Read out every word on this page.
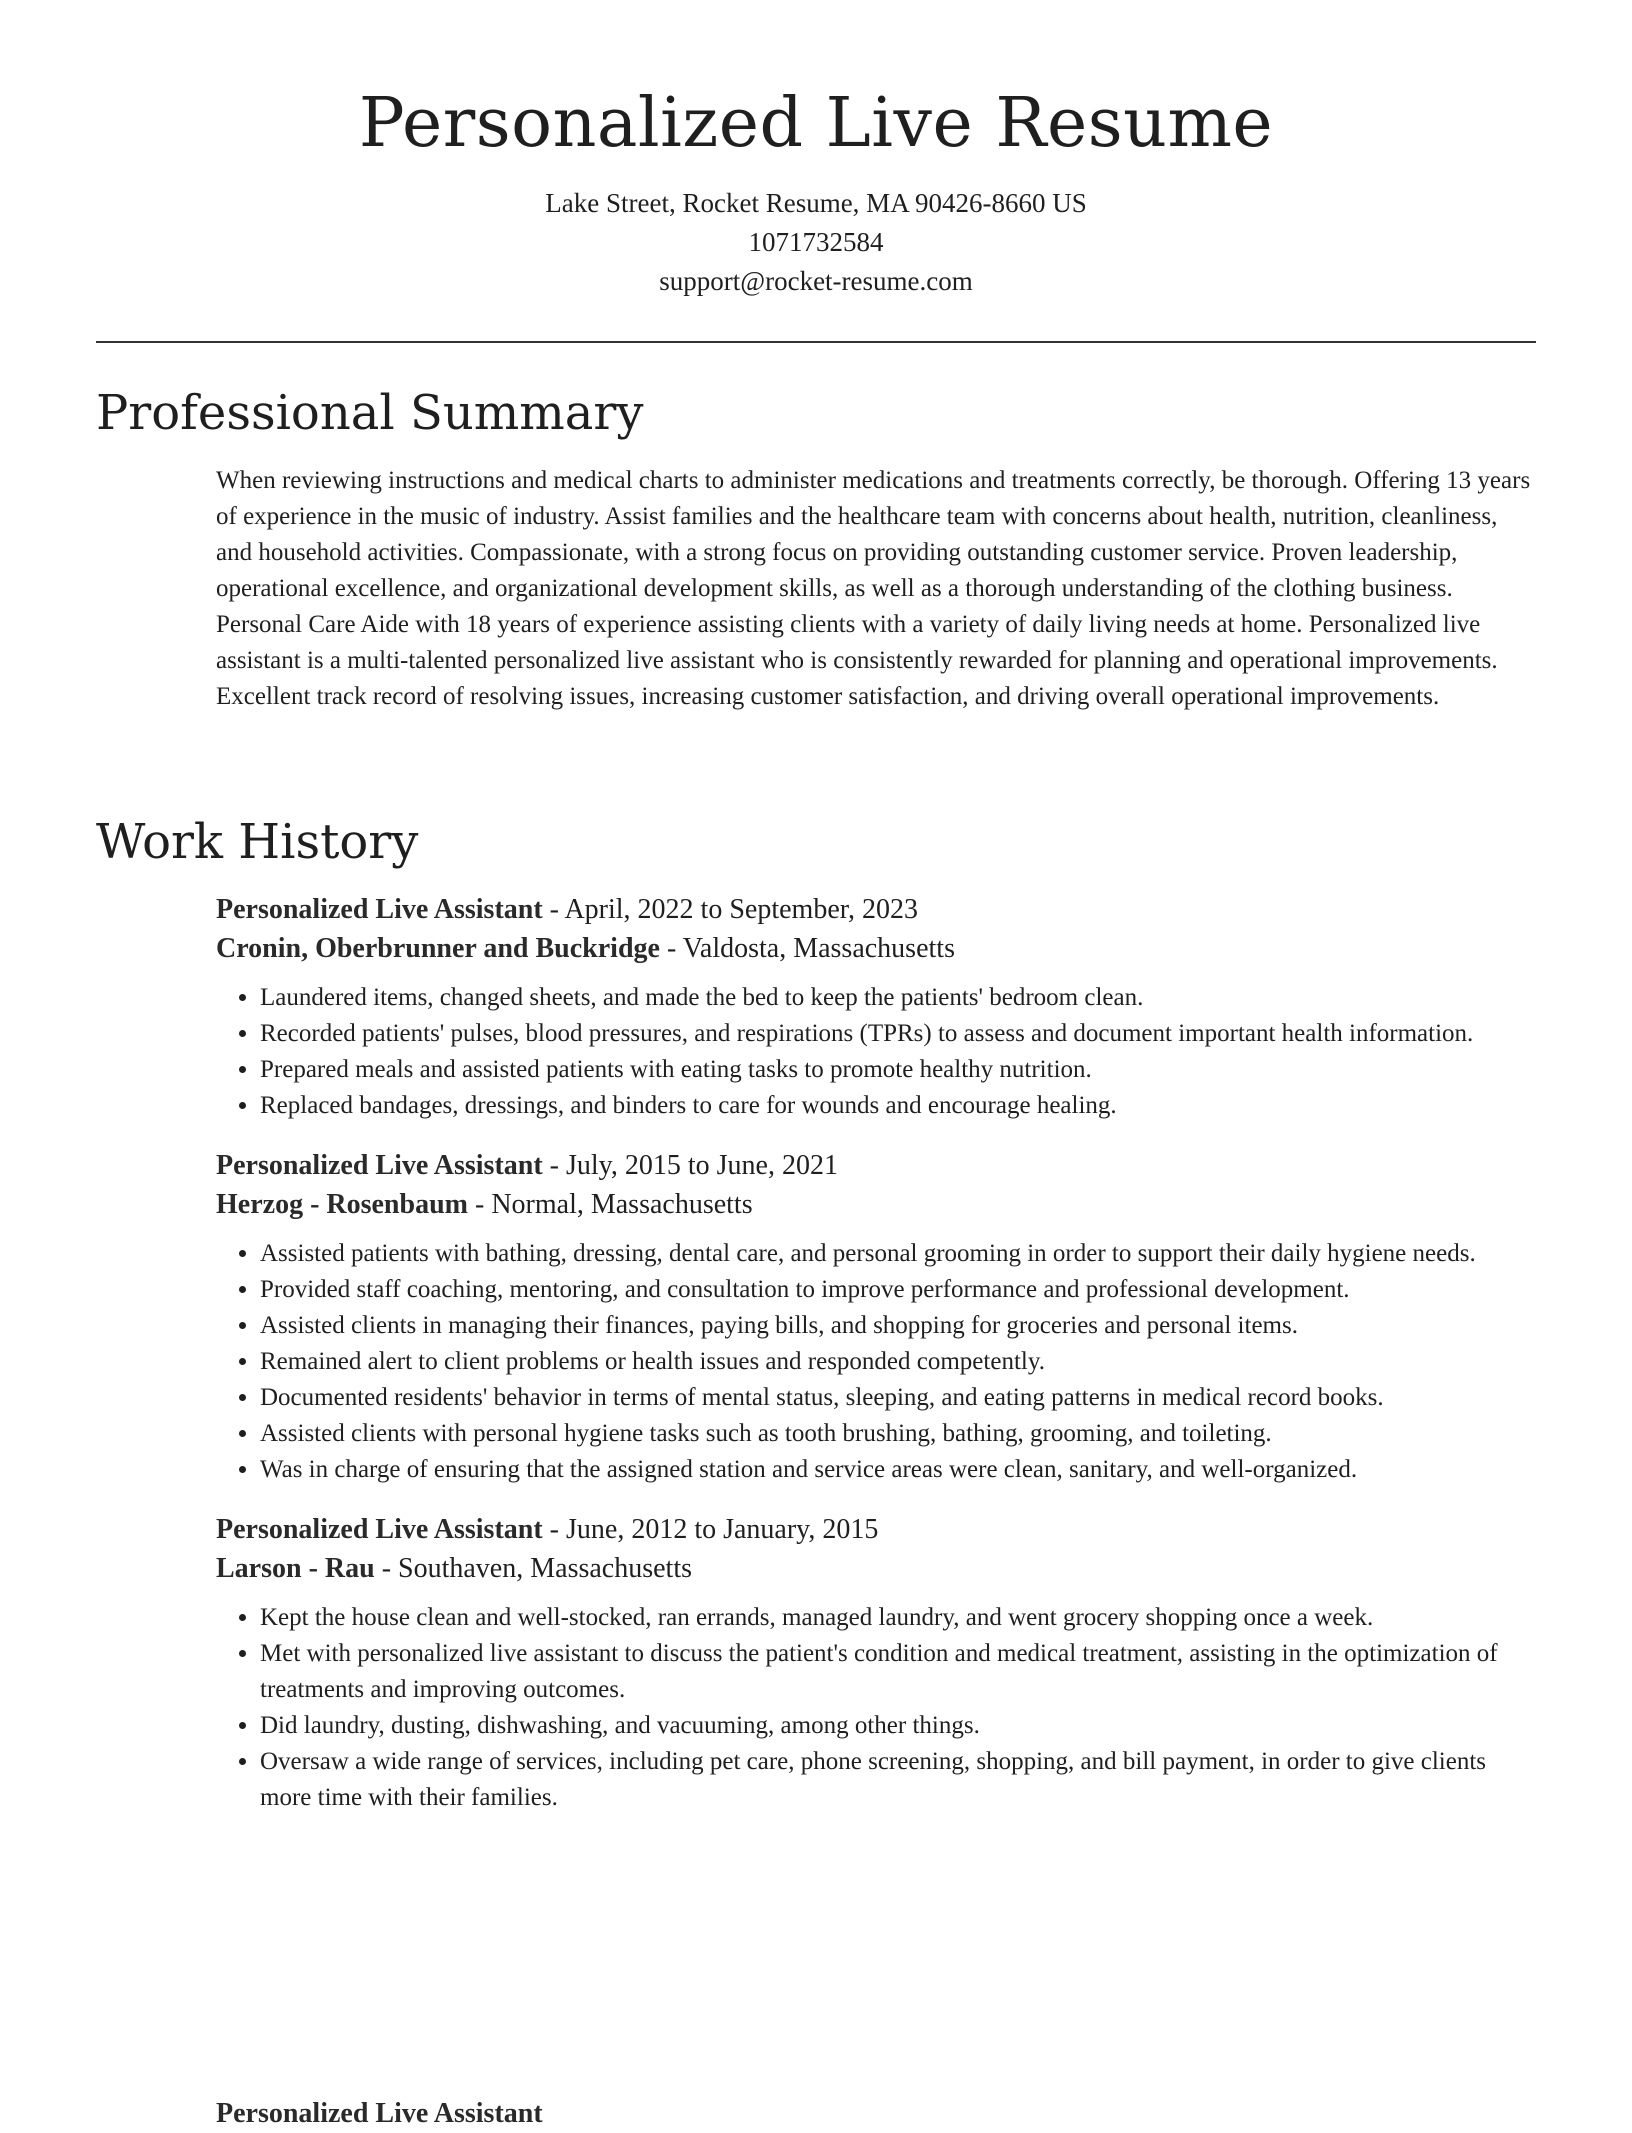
Personalized Live Resume
Lake Street, Rocket Resume, MA 90426-8660 US
1071732584
support@rocket-resume.com
Professional Summary

When reviewing instructions and medical charts to administer medications and treatments correctly, be thorough. Offering 13 years of experience in the music of industry. Assist families and the healthcare team with concerns about health, nutrition, cleanliness, and household activities. Compassionate, with a strong focus on providing outstanding customer service. Proven leadership, operational excellence, and organizational development skills, as well as a thorough understanding of the clothing business. Personal Care Aide with 18 years of experience assisting clients with a variety of daily living needs at home. Personalized live assistant is a multi-talented personalized live assistant who is consistently rewarded for planning and operational improvements. Excellent track record of resolving issues, increasing customer satisfaction, and driving overall operational improvements.

Work History
Personalized Live Assistant - April, 2022 to September, 2023
Cronin, Oberbrunner and Buckridge - Valdosta, Massachusetts
• Laundered items, changed sheets, and made the bed to keep the patients' bedroom clean.
• Recorded patients' pulses, blood pressures, and respirations (TPRs) to assess and document important health information.
• Prepared meals and assisted patients with eating tasks to promote healthy nutrition.
• Replaced bandages, dressings, and binders to care for wounds and encourage healing.
Personalized Live Assistant - July, 2015 to June, 2021
Herzog - Rosenbaum - Normal, Massachusetts
• Assisted patients with bathing, dressing, dental care, and personal grooming in order to support their daily hygiene needs.
• Provided staff coaching, mentoring, and consultation to improve performance and professional development.
• Assisted clients in managing their finances, paying bills, and shopping for groceries and personal items.
• Remained alert to client problems or health issues and responded competently.
• Documented residents' behavior in terms of mental status, sleeping, and eating patterns in medical record books.
• Assisted clients with personal hygiene tasks such as tooth brushing, bathing, grooming, and toileting.
• Was in charge of ensuring that the assigned station and service areas were clean, sanitary, and well-organized.
Personalized Live Assistant - June, 2012 to January, 2015
Larson - Rau - Southaven, Massachusetts
• Kept the house clean and well-stocked, ran errands, managed laundry, and went grocery shopping once a week.
• Met with personalized live assistant to discuss the patient's condition and medical treatment, assisting in the optimization of treatments and improving outcomes.
• Did laundry, dusting, dishwashing, and vacuuming, among other things.
• Oversaw a wide range of services, including pet care, phone screening, shopping, and bill payment, in order to give clients more time with their families.
Personalized Live Assistant
